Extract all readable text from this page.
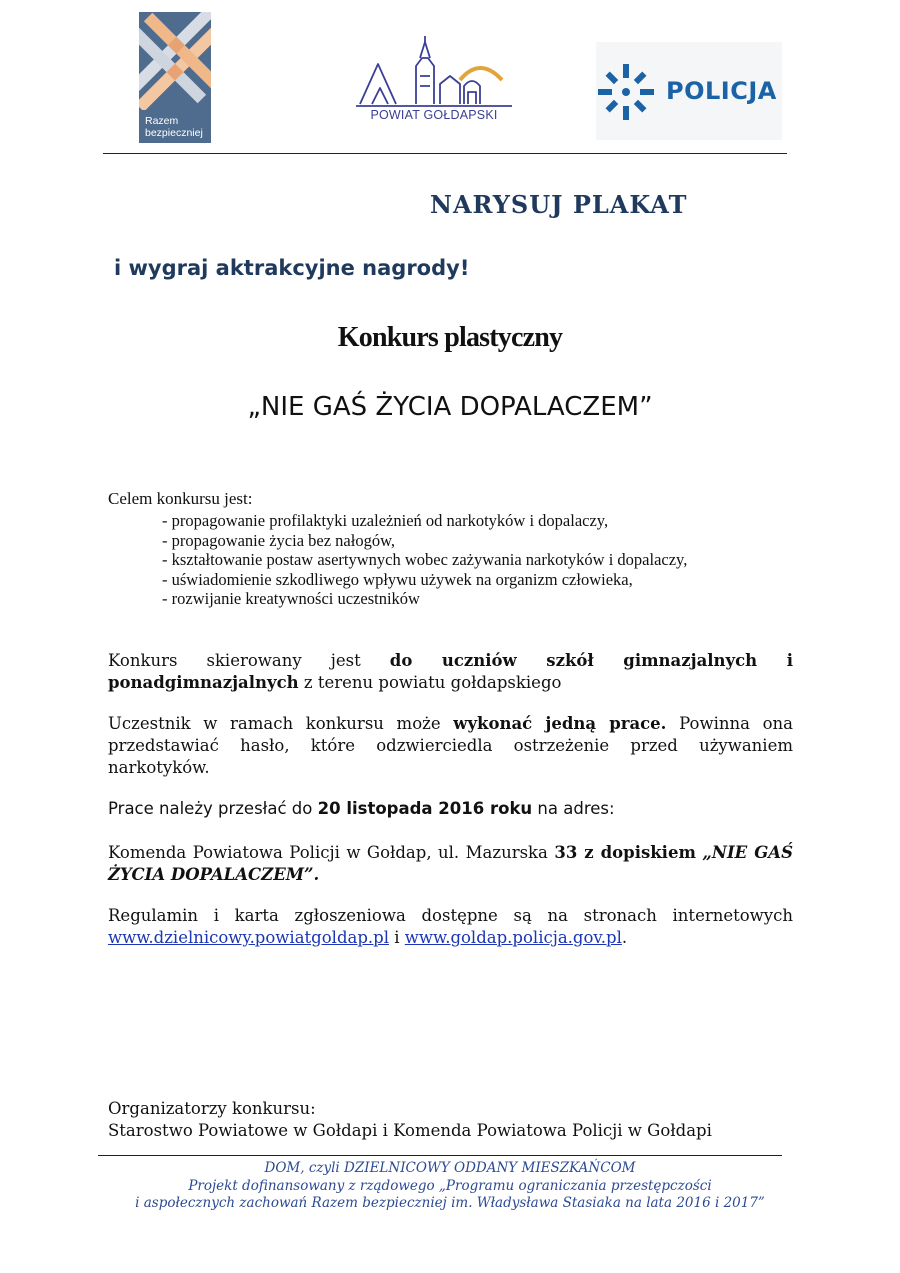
Razem
bezpieczniej
POWIAT GOŁDAPSKI
POLICJA
NARYSUJ PLAKAT
i wygraj aktrakcyjne nagrody!
Konkurs plastyczny
„NIE GAŚ ŻYCIA DOPALACZEM”
Celem konkursu jest:
- propagowanie profilaktyki uzależnień od narkotyków i dopalaczy,
- propagowanie życia bez nałogów,
- kształtowanie postaw asertywnych wobec zażywania narkotyków i dopalaczy,
- uświadomienie szkodliwego wpływu używek na organizm człowieka,
- rozwijanie kreatywności uczestników
Konkurs skierowany jest do uczniów szkół gimnazjalnych i ponadgimnazjalnych z terenu powiatu gołdapskiego
Uczestnik w ramach konkursu może wykonać jedną prace. Powinna ona przedstawiać hasło, które odzwierciedla ostrzeżenie przed używaniem narkotyków.
Prace należy przesłać do 20 listopada 2016 roku na adres:
Komenda Powiatowa Policji w Gołdap, ul. Mazurska 33 z dopiskiem „NIE GAŚ ŻYCIA DOPALACZEM”.
Regulamin i karta zgłoszeniowa dostępne są na stronach internetowych www.dzielnicowy.powiatgoldap.pl i www.goldap.policja.gov.pl.
Organizatorzy konkursu:
Starostwo Powiatowe w Gołdapi i Komenda Powiatowa Policji w Gołdapi
DOM, czyli DZIELNICOWY ODDANY MIESZKAŃCOM
Projekt dofinansowany z rządowego „Programu ograniczania przestępczości
i aspołecznych zachowań Razem bezpieczniej im. Władysława Stasiaka na lata 2016 i 2017”
